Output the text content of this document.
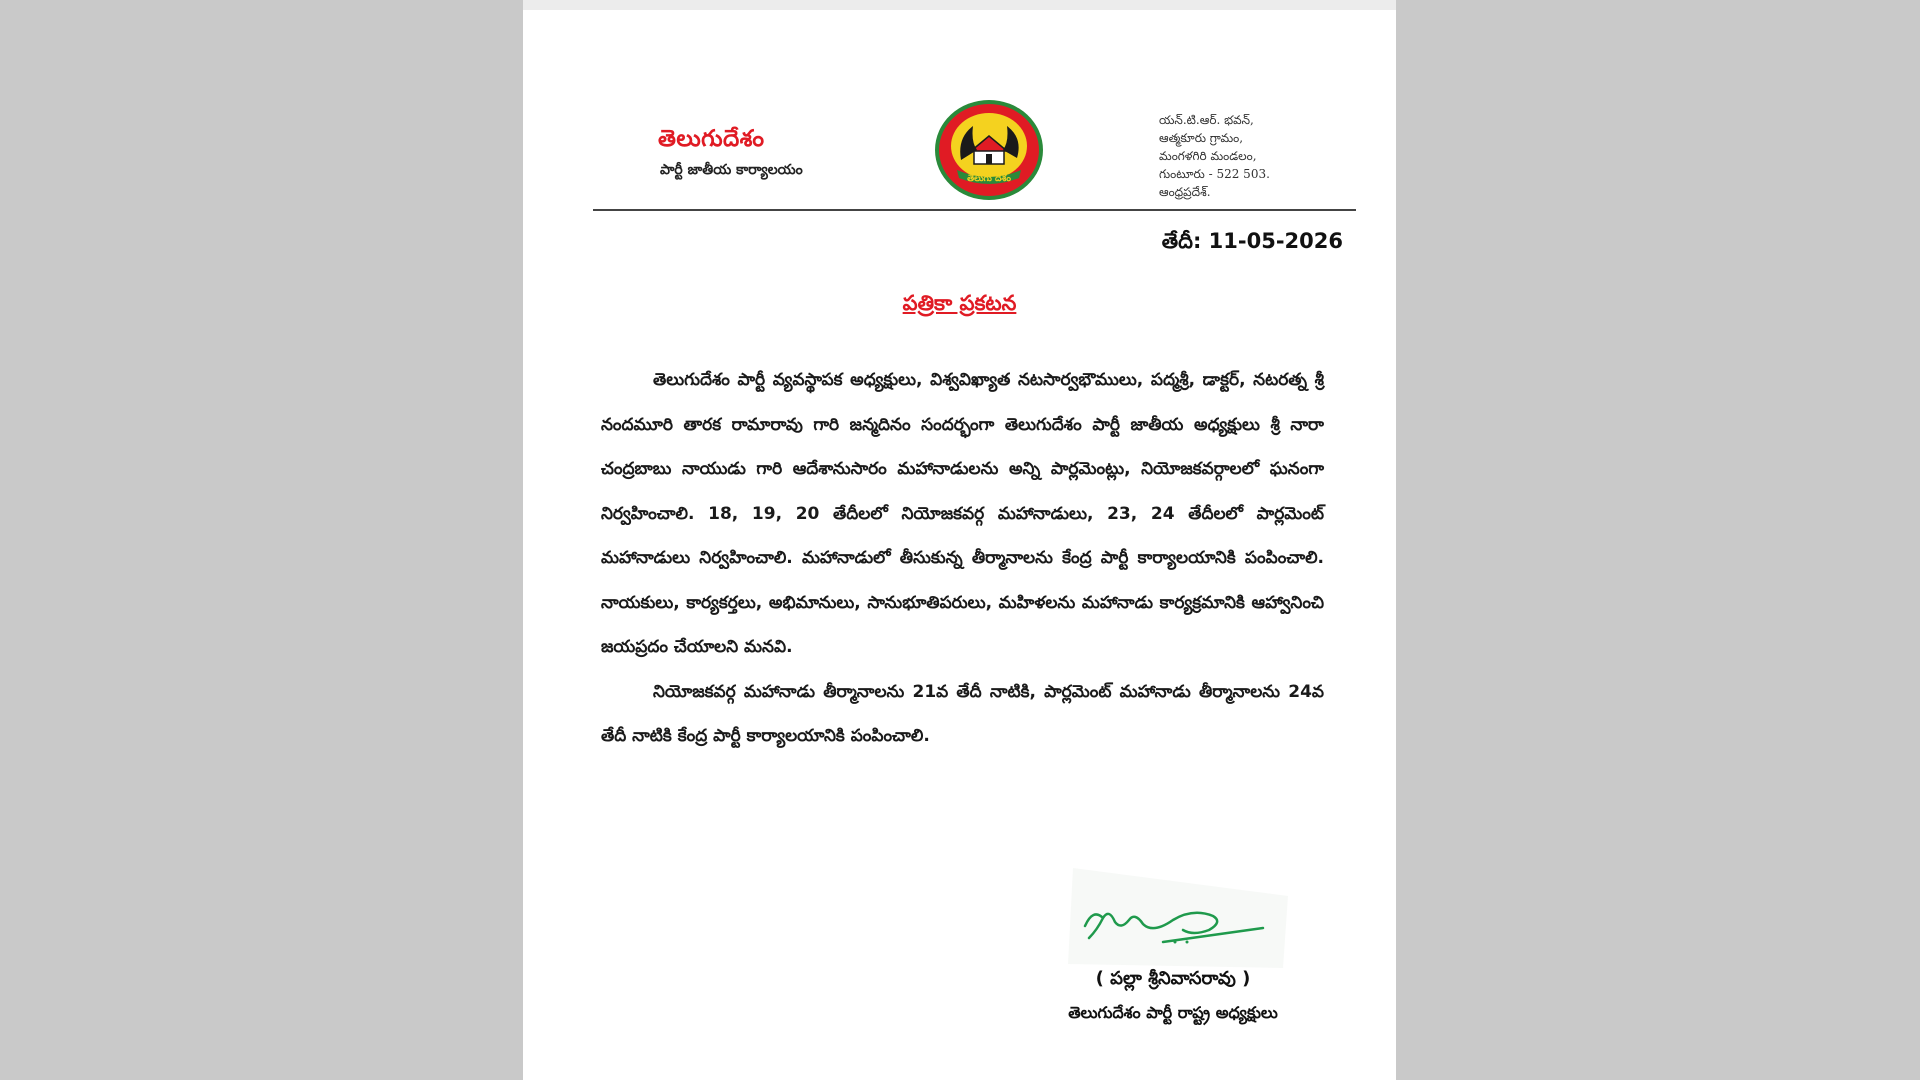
తెలుగుదేశం
పార్టీ జాతీయ కార్యాలయం
తెలుగు దేశం
యన్.టి.ఆర్. భవన్,
ఆత్మకూరు గ్రామం,
మంగళగిరి మండలం,
గుంటూరు - 522 503.
ఆంధ్రప్రదేశ్.
తేదీ: 11-05-2026
పత్రికా ప్రకటన

తెలుగుదేశం పార్టీ వ్యవస్థాపక అధ్యక్షులు, విశ్వవిఖ్యాత నటసార్వభౌములు, పద్మశ్రీ, డాక్టర్, నటరత్న శ్రీ నందమూరి తారక రామారావు గారి జన్మదినం సందర్భంగా తెలుగుదేశం పార్టీ జాతీయ అధ్యక్షులు శ్రీ నారా చంద్రబాబు నాయుడు గారి ఆదేశానుసారం మహానాడులను అన్ని పార్లమెంట్లు, నియోజకవర్గాలలో ఘనంగా నిర్వహించాలి. 18, 19, 20 తేదీలలో నియోజకవర్గ మహానాడులు, 23, 24 తేదీలలో పార్లమెంట్ మహానాడులు నిర్వహించాలి. మహానాడులో తీసుకున్న తీర్మానాలను కేంద్ర పార్టీ కార్యాలయానికి పంపించాలి. నాయకులు, కార్యకర్తలు, అభిమానులు, సానుభూతిపరులు, మహిళలను మహానాడు కార్యక్రమానికి ఆహ్వానించి జయప్రదం చేయాలని మనవి.

నియోజకవర్గ మహానాడు తీర్మానాలను 21వ తేదీ నాటికి, పార్లమెంట్ మహానాడు తీర్మానాలను 24వ తేదీ నాటికి కేంద్ర పార్టీ కార్యాలయానికి పంపించాలి.

( పల్లా శ్రీనివాసరావు )
తెలుగుదేశం పార్టీ రాష్ట్ర అధ్యక్షులు
